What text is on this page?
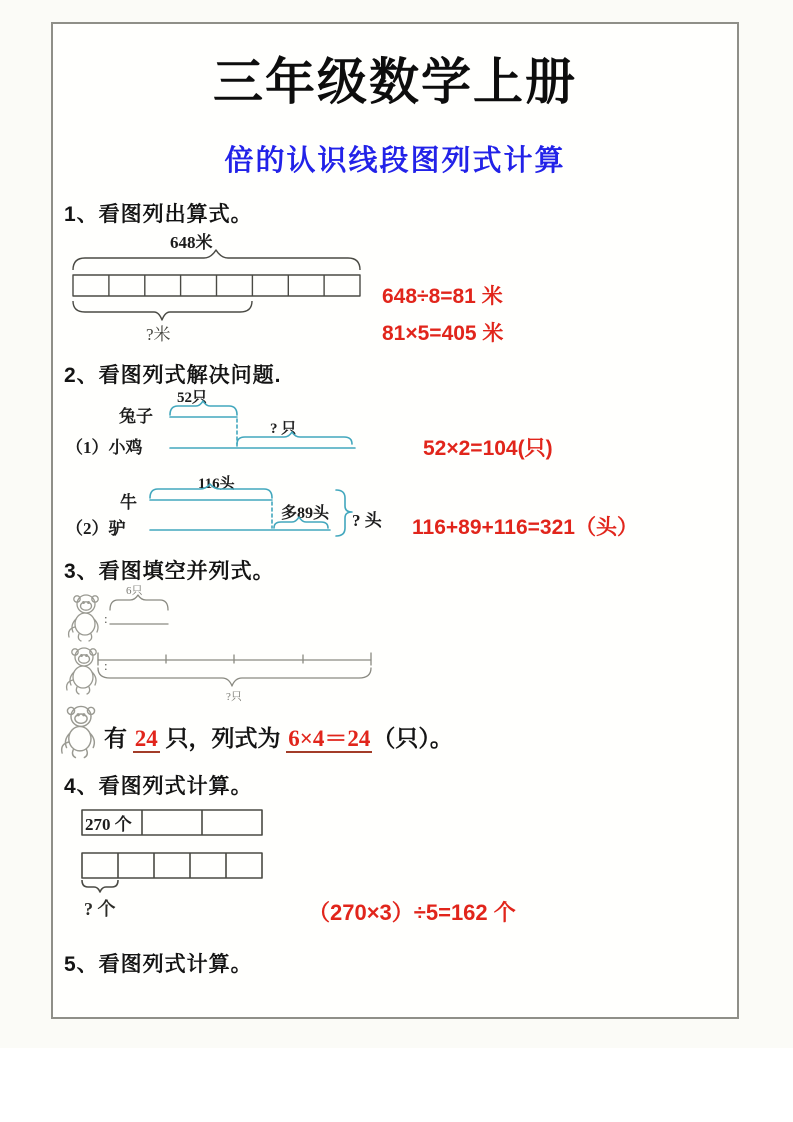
三年级数学上册
倍的认识线段图列式计算
1、看图列出算式。
648米
?米
648÷8=81 米
81×5=405 米
2、看图列式解决问题.
52只
兔子
? 只
（1）小鸡	52×2=104(只)
116头
牛
多89头
（2）驴	? 头 116+89+116=321（头）
3、看图填空并列式。
:
6只
:
?只
有 24 只，列式为 6×4＝24（只）。
4、看图列式计算。
270 个
? 个	（270×3）÷5=162 个
5、看图列式计算。
